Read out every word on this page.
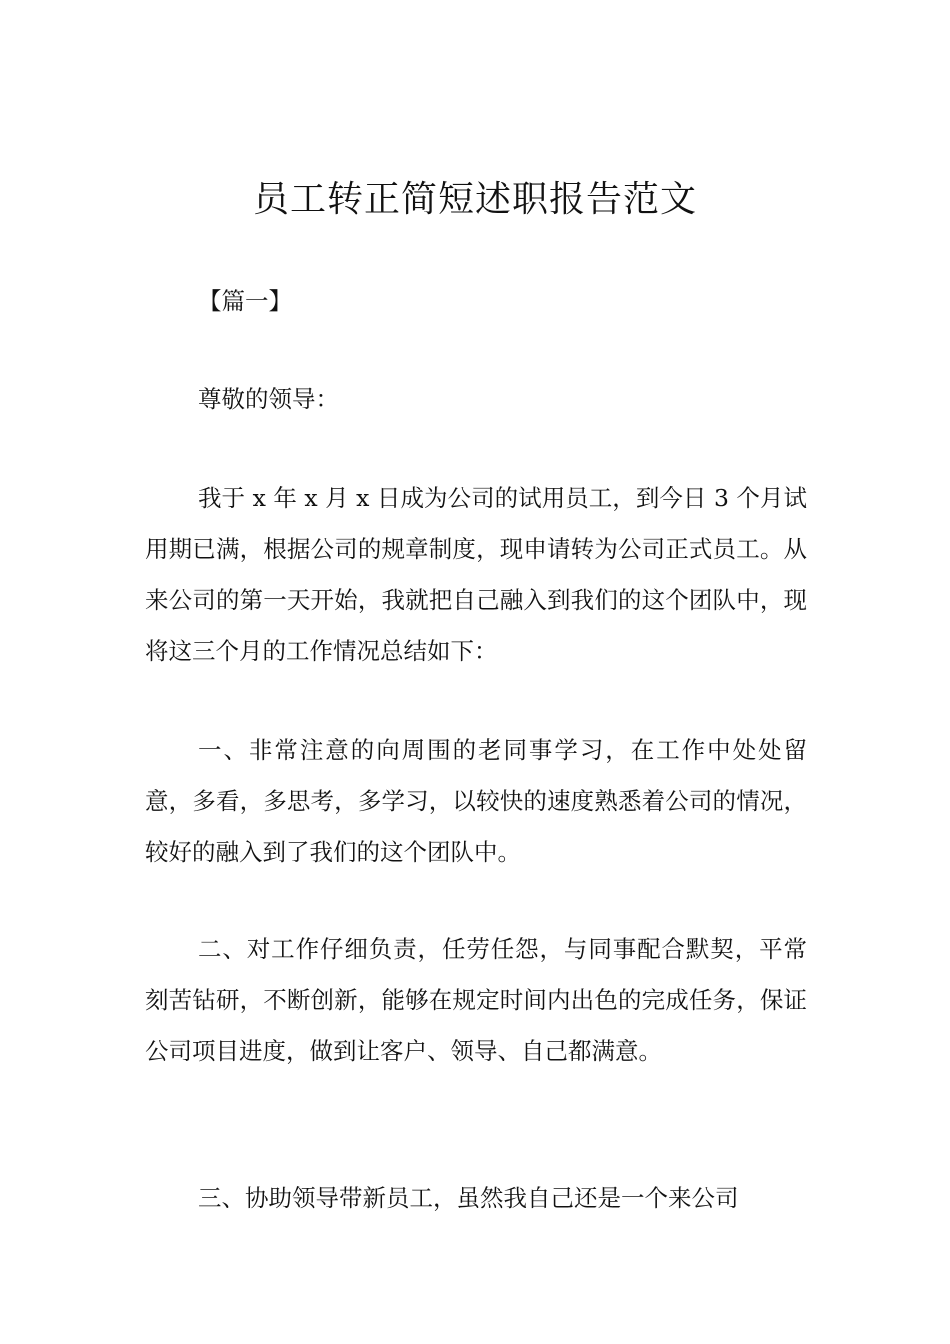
员工转正简短述职报告范文

【篇一】

尊敬的领导：

我于 x 年 x 月 x 日成为公司的试用员工，到今日 3 个月试用期已满，根据公司的规章制度，现申请转为公司正式员工。从来公司的第一天开始，我就把自己融入到我们的这个团队中，现将这三个月的工作情况总结如下：

一、非常注意的向周围的老同事学习，在工作中处处留意，多看，多思考，多学习，以较快的速度熟悉着公司的情况，较好的融入到了我们的这个团队中。

二、对工作仔细负责，任劳任怨，与同事配合默契，平常刻苦钻研，不断创新，能够在规定时间内出色的完成任务，保证公司项目进度，做到让客户、领导、自己都满意。

三、协助领导带新员工，虽然我自己还是一个来公司
